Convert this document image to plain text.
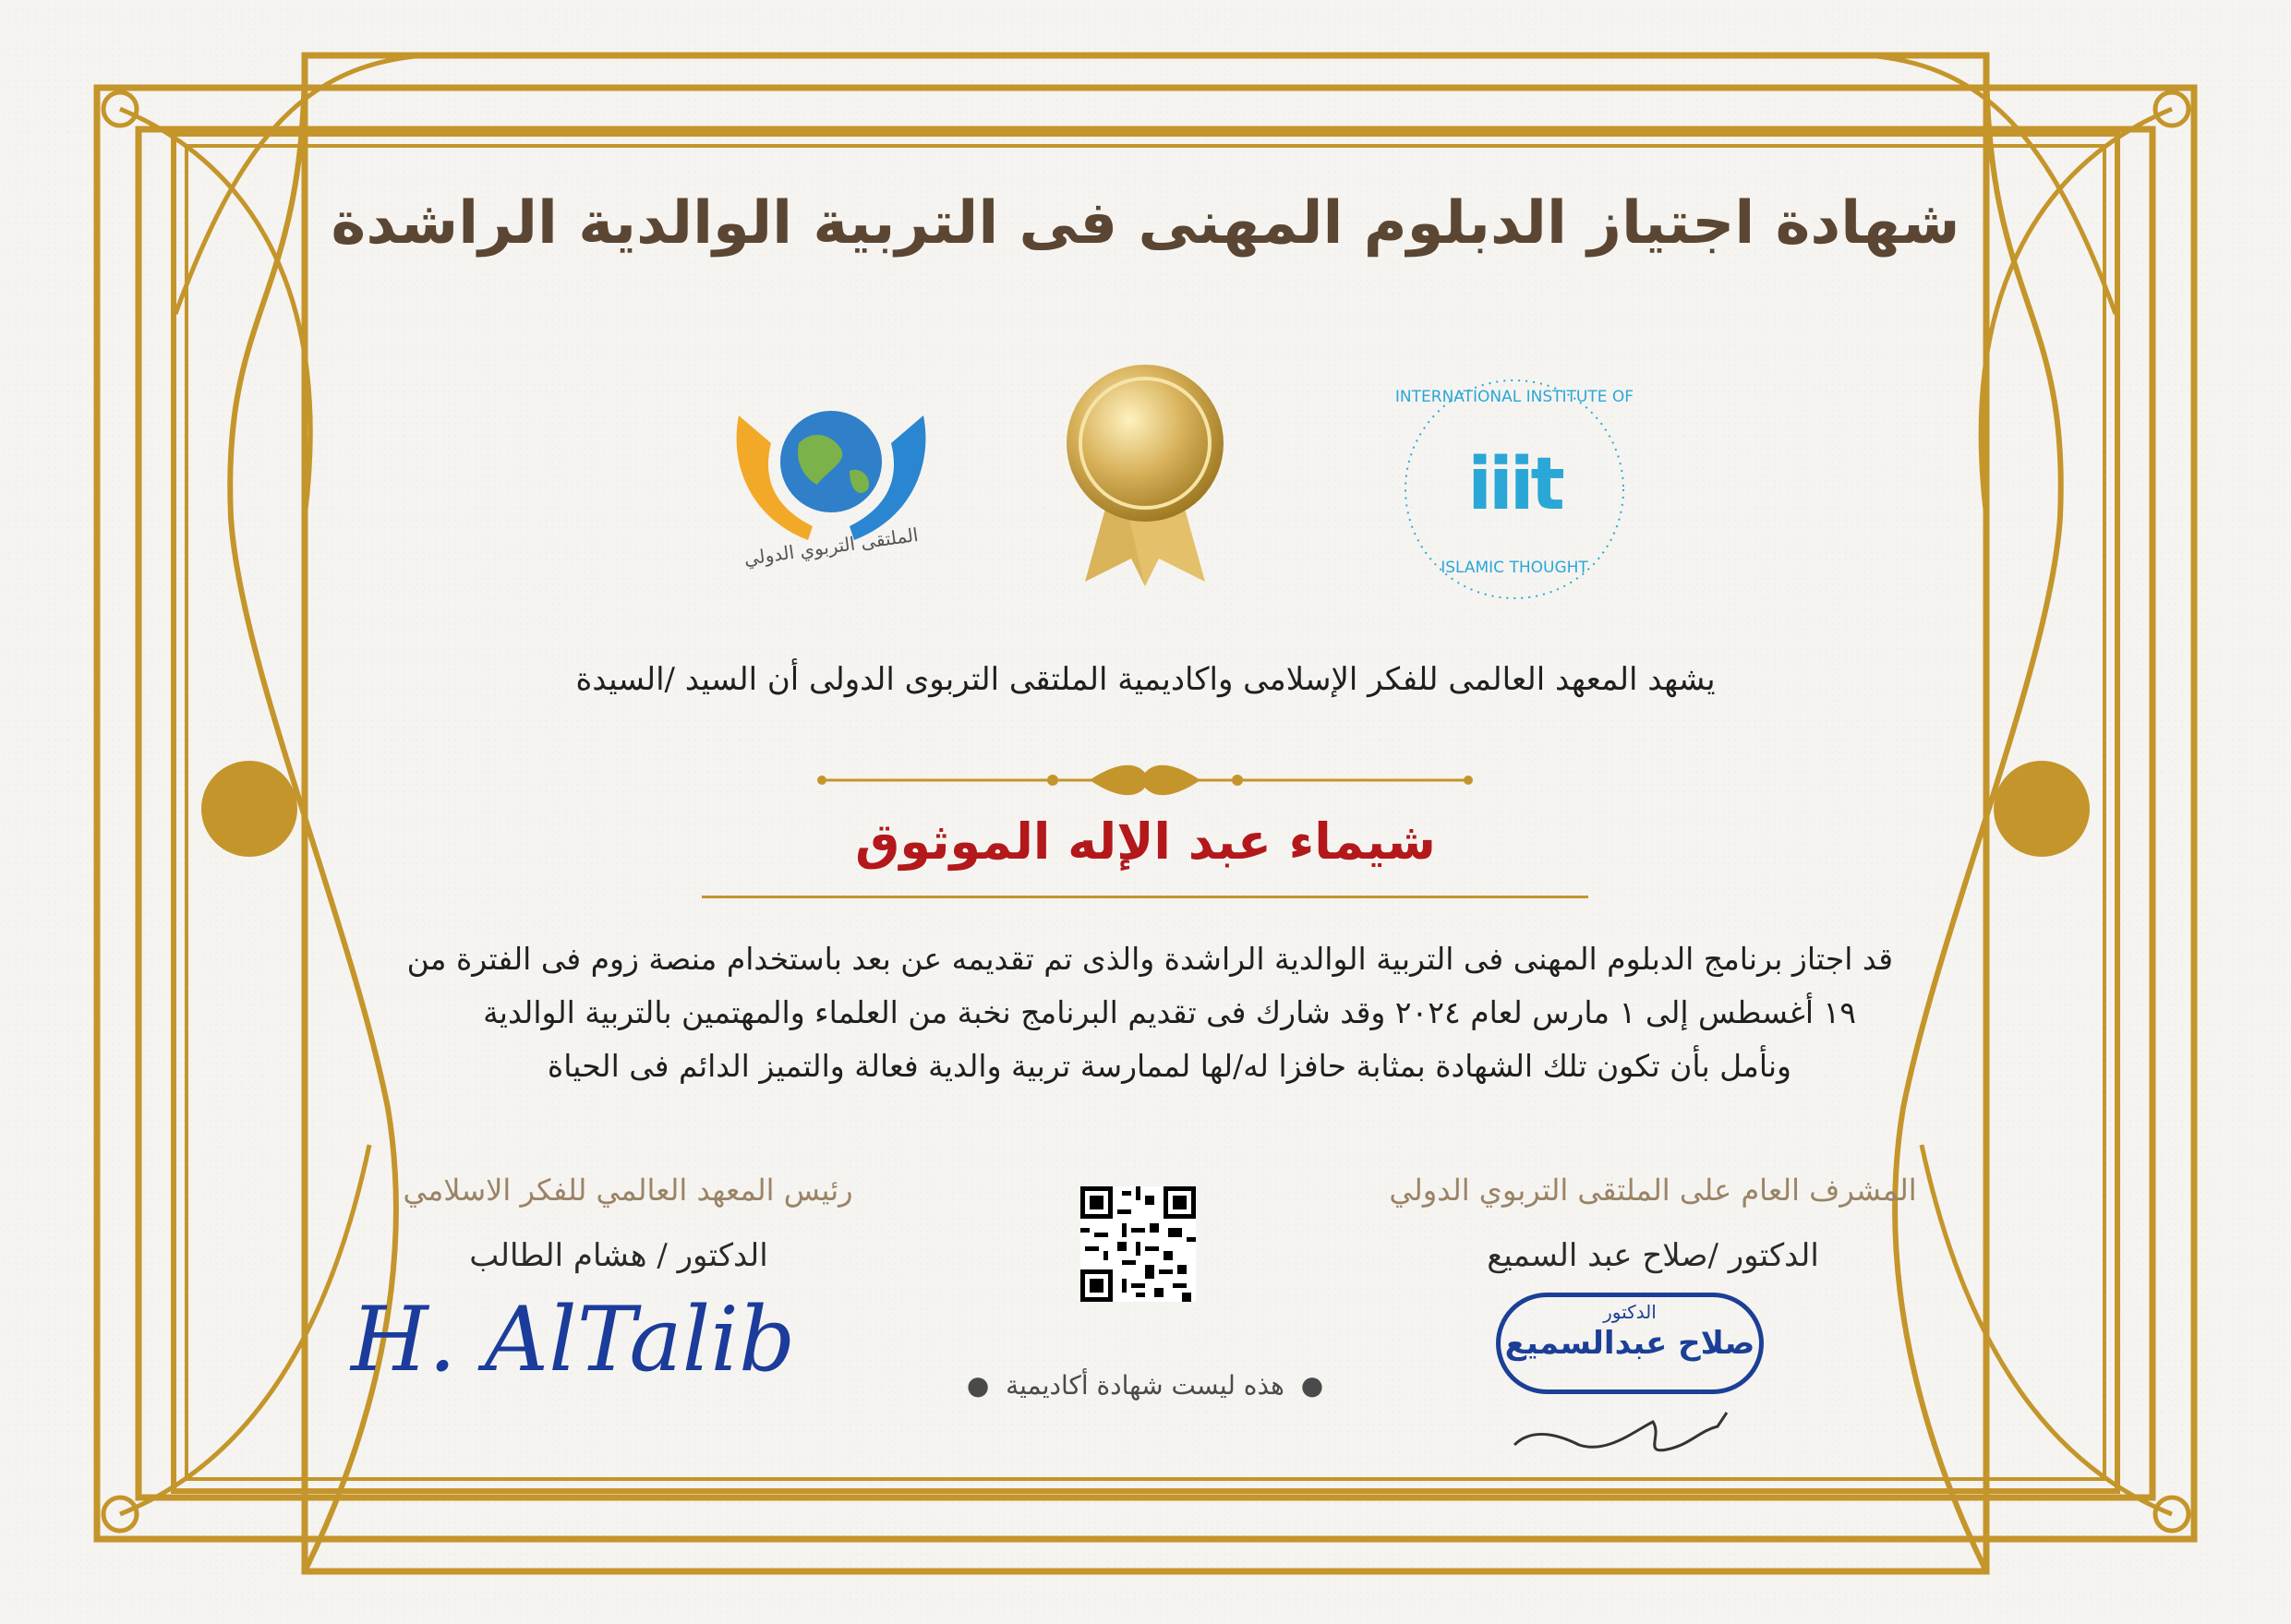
شهادة اجتياز الدبلوم المهنى فى التربية الوالدية الراشدة
الملتقى التربوي الدولي
iiit
INTERNATIONAL INSTITUTE OF
ISLAMIC THOUGHT
يشهد المعهد العالمى للفكر الإسلامى واكاديمية الملتقى التربوى الدولى أن السيد /السيدة
شيماء عبد الإله الموثوق
قد اجتاز برنامج الدبلوم المهنى فى التربية الوالدية الراشدة والذى تم تقديمه عن بعد باستخدام منصة زوم فى الفترة من
١٩ أغسطس إلى ١ مارس لعام ٢٠٢٤ وقد شارك فى تقديم البرنامج نخبة من العلماء والمهتمين بالتربية الوالدية
ونأمل بأن تكون تلك الشهادة بمثابة حافزا له/لها لممارسة تربية والدية فعالة والتميز الدائم فى الحياة
رئيس المعهد العالمي للفكر الاسلامي
الدكتور / هشام الطالب
H. AlTalib	●  هذه ليست شهادة أكاديمية  ●
المشرف العام على الملتقى التربوي الدولي
الدكتور /صلاح عبد السميع
الدكتور
صلاح عبدالسميع
